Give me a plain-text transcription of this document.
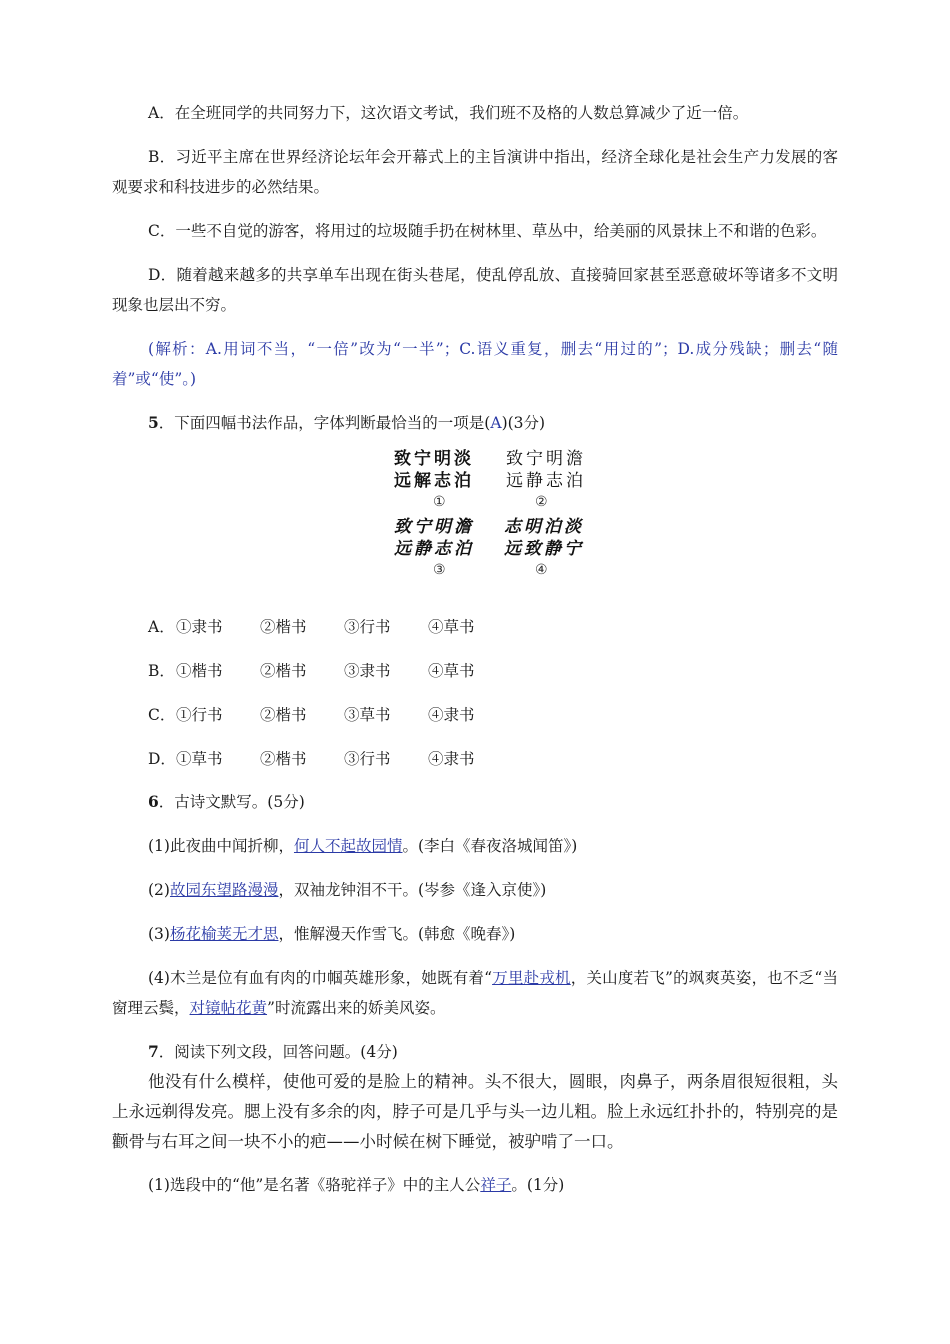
A．在全班同学的共同努力下，这次语文考试，我们班不及格的人数总算减少了近一倍。

B．习近平主席在世界经济论坛年会开幕式上的主旨演讲中指出，经济全球化是社会生产力发展的客观要求和科技进步的必然结果。

C．一些不自觉的游客，将用过的垃圾随手扔在树林里、草丛中，给美丽的风景抹上不和谐的色彩。

D．随着越来越多的共享单车出现在街头巷尾，使乱停乱放、直接骑回家甚至恶意破坏等诸多不文明现象也层出不穷。

(解析：A.用词不当，“一倍”改为“一半”；C.语义重复，删去“用过的”；D.成分残缺；删去“随着”或“使”。)

5．下面四幅书法作品，字体判断最恰当的一项是(A)(3分)

致宁明淡
远解志泊
①
致宁明澹
远静志泊
②
致宁明澹
远静志泊
③
志明泊淡
远致静宁
④

A．①隶书 ②楷书 ③行书 ④草书

B．①楷书 ②楷书 ③隶书 ④草书

C．①行书 ②楷书 ③草书 ④隶书

D．①草书 ②楷书 ③行书 ④隶书

6．古诗文默写。(5分)

(1)此夜曲中闻折柳，何人不起故园情。(李白《春夜洛城闻笛》)

(2)故园东望路漫漫，双袖龙钟泪不干。(岑参《逢入京使》)

(3)杨花榆荚无才思，惟解漫天作雪飞。(韩愈《晚春》)

(4)木兰是位有血有肉的巾帼英雄形象，她既有着“万里赴戎机，关山度若飞”的飒爽英姿，也不乏“当窗理云鬓，对镜帖花黄”时流露出来的娇美风姿。

7．阅读下列文段，回答问题。(4分)

他没有什么模样，使他可爱的是脸上的精神。头不很大，圆眼，肉鼻子，两条眉很短很粗，头上永远剃得发亮。腮上没有多余的肉，脖子可是几乎与头一边儿粗。脸上永远红扑扑的，特别亮的是颧骨与右耳之间一块不小的疤——小时候在树下睡觉，被驴啃了一口。

(1)选段中的“他”是名著《骆驼祥子》中的主人公祥子。(1分)
